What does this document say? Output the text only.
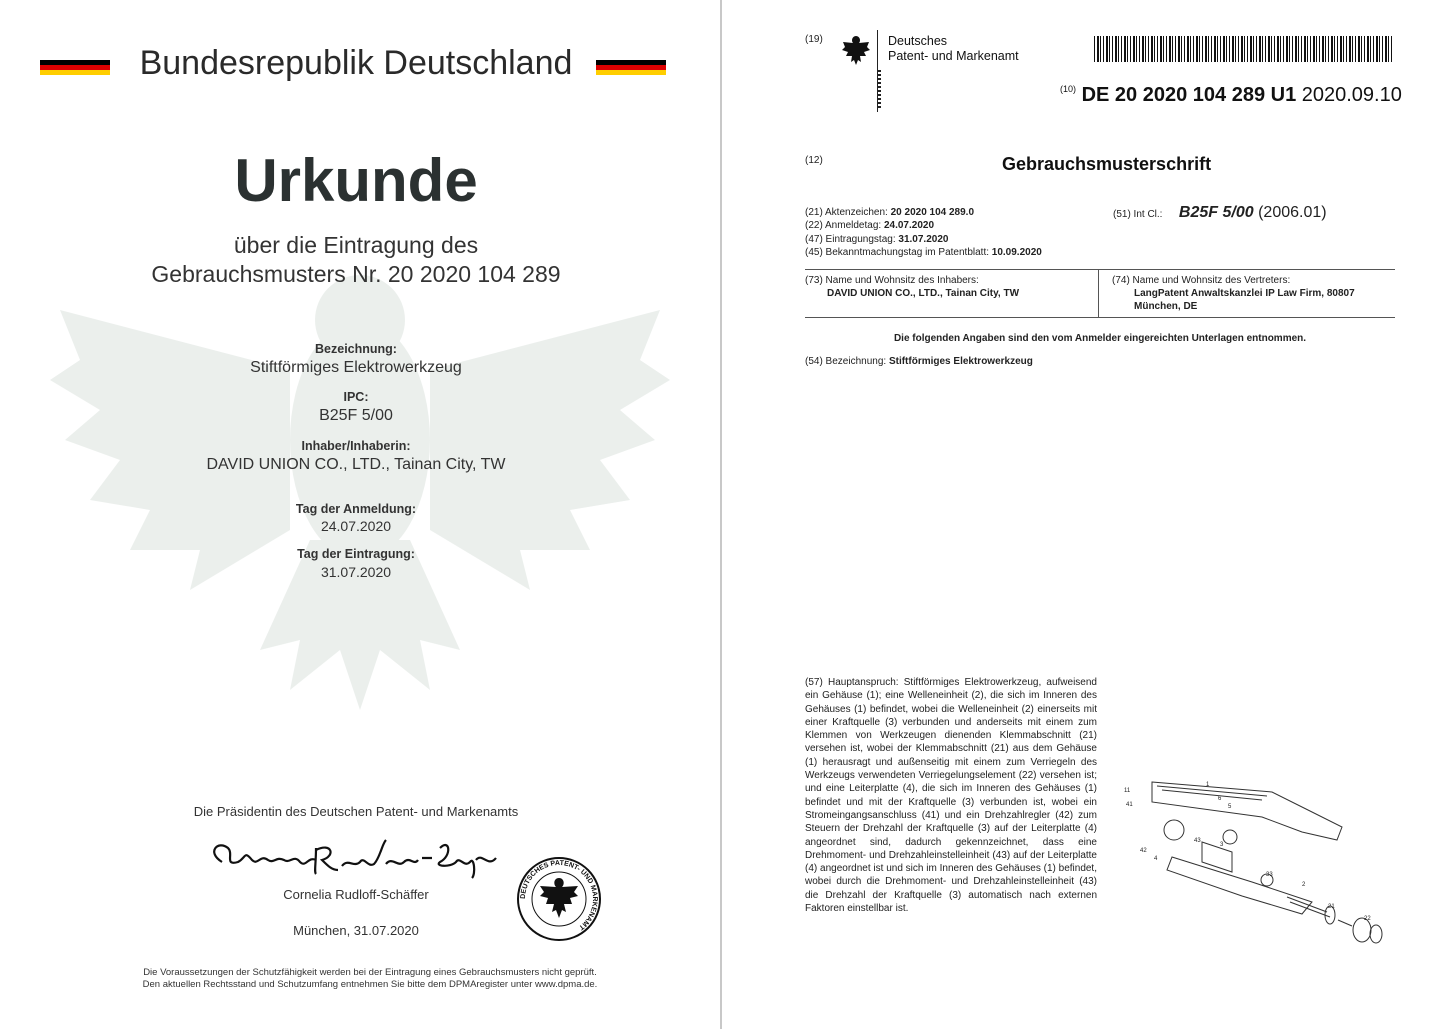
Bundesrepublik Deutschland
Urkunde
über die Eintragung des
Gebrauchsmusters Nr. 20 2020 104 289
Bezeichnung:
Stiftförmiges Elektrowerkzeug
IPC:
B25F 5/00
Inhaber/Inhaberin:
DAVID UNION CO., LTD., Tainan City, TW
Tag der Anmeldung:
24.07.2020
Tag der Eintragung:
31.07.2020
Die Präsidentin des Deutschen Patent- und Markenamts
Cornelia Rudloff-Schäffer
München, 31.07.2020
DEUTSCHES PATENT- UND MARKENAMT
Die Voraussetzungen der Schutzfähigkeit werden bei der Eintragung eines Gebrauchsmusters nicht geprüft.
Den aktuellen Rechtsstand und Schutzumfang entnehmen Sie bitte dem DPMAregister unter www.dpma.de.
(19)	Deutsches
Patent- und Markenamt
$^{(10)}$ DE 20 2020 104 289 U1 2020.09.10
(12)	Gebrauchsmusterschrift
(21) Aktenzeichen: 20 2020 104 289.0
(22) Anmeldetag: 24.07.2020
(47) Eintragungstag: 31.07.2020
(45) Bekanntmachungstag im Patentblatt: 10.09.2020
(51) Int Cl.: B25F 5/00 (2006.01)
(73) Name und Wohnsitz des Inhabers:
DAVID UNION CO., LTD., Tainan City, TW
(74) Name und Wohnsitz des Vertreters:
LangPatent Anwaltskanzlei IP Law Firm, 80807
München, DE
Die folgenden Angaben sind den vom Anmelder eingereichten Unterlagen entnommen.
(54) Bezeichnung: Stiftförmiges Elektrowerkzeug
(57) Hauptanspruch: Stiftförmiges Elektrowerkzeug, aufweisend ein Gehäuse (1); eine Welleneinheit (2), die sich im Inneren des Gehäuses (1) befindet, wobei die Welleneinheit (2) einerseits mit einer Kraftquelle (3) verbunden und anderseits mit einem zum Klemmen von Werkzeugen dienenden Klemmabschnitt (21) versehen ist, wobei der Klemmabschnitt (21) aus dem Gehäuse (1) herausragt und außenseitig mit einem zum Verriegeln des Werkzeugs verwendeten Verriegelungselement (22) versehen ist; und eine Leiterplatte (4), die sich im Inneren des Gehäuses (1) befindet und mit der Kraftquelle (3) verbunden ist, wobei ein Stromeingangsanschluss (41) und ein Drehzahlregler (42) zum Steuern der Drehzahl der Kraftquelle (3) auf der Leiterplatte (4) angeordnet sind, dadurch gekennzeichnet, dass eine Drehmoment- und Drehzahleinstelleinheit (43) auf der Leiterplatte (4) angeordnet ist und sich im Inneren des Gehäuses (1) befindet, wobei durch die Drehmoment- und Drehzahleinstelleinheit (43) die Drehzahl der Kraftquelle (3) automatisch nach externen Faktoren einstellbar ist.
11
1
41
6
5
42
4
43
3
33
2
21
22
